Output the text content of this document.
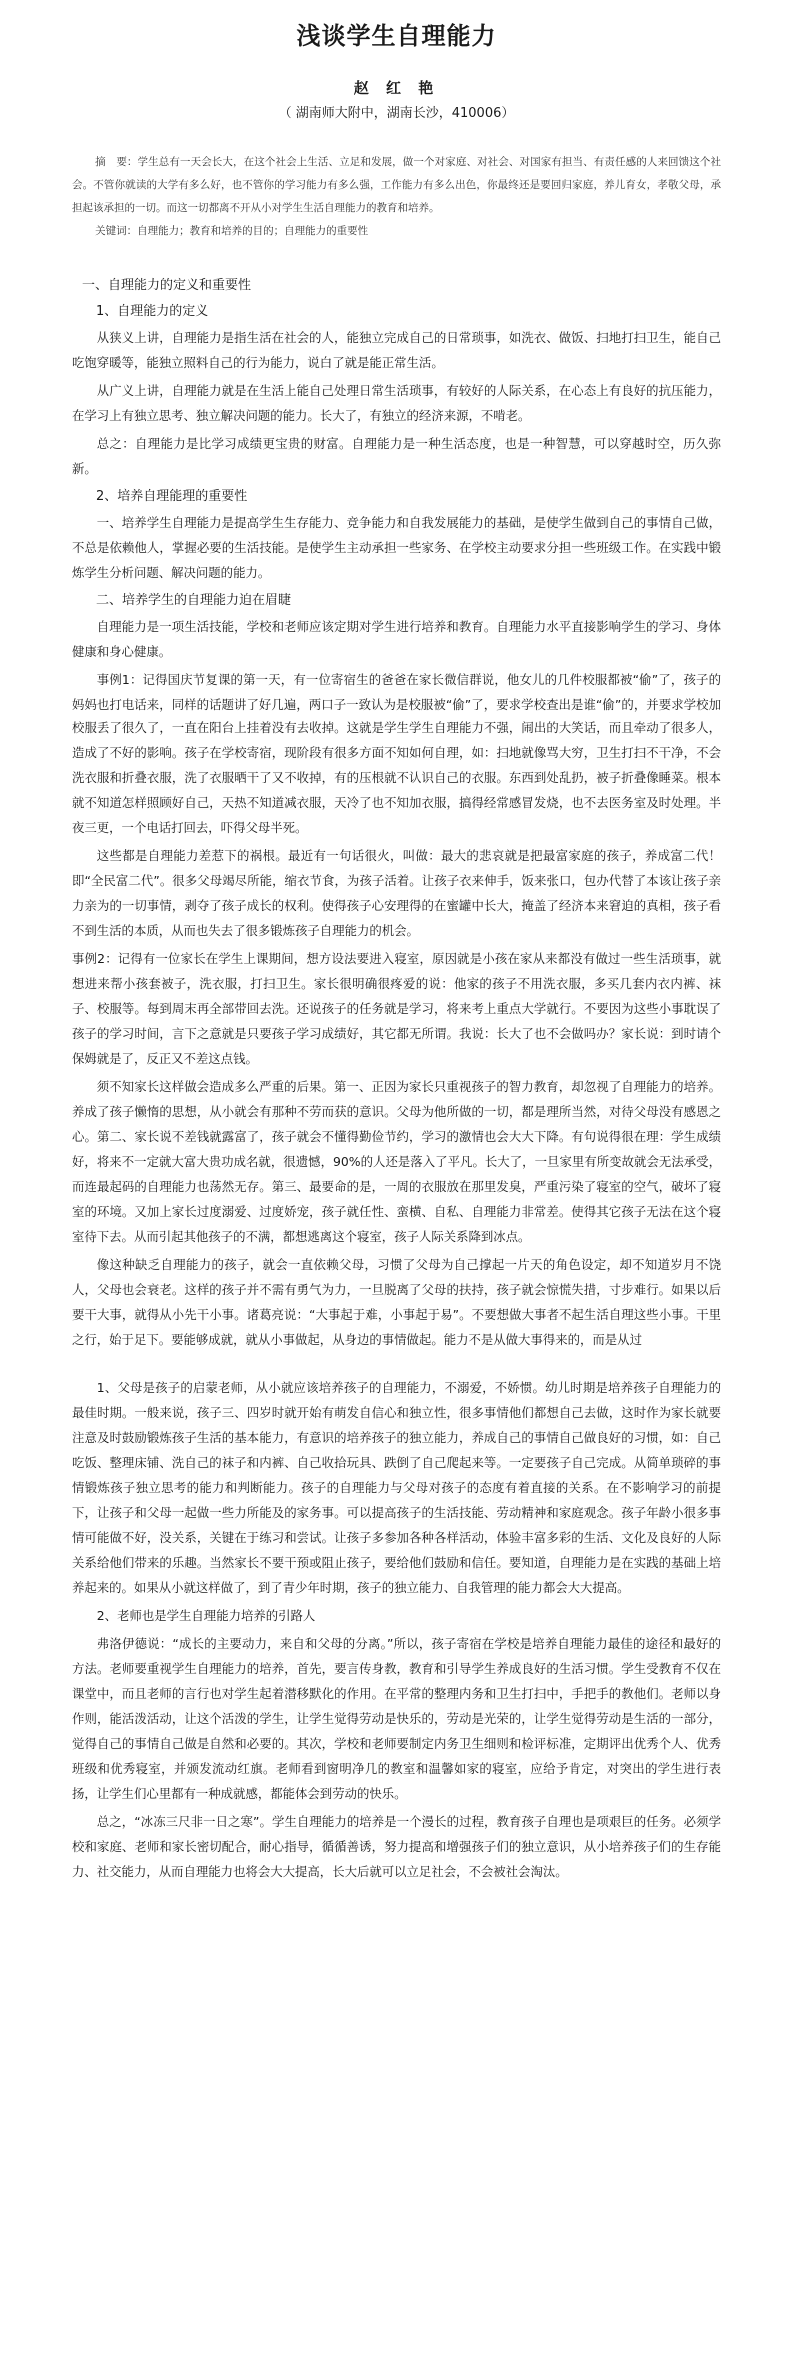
浅谈学生自理能力
赵 红 艳
（ 湖南师大附中，湖南长沙，410006）
摘　要：学生总有一天会长大，在这个社会上生活、立足和发展，做一个对家庭、对社会、对国家有担当、有责任感的人来回馈这个社会。不管你就读的大学有多么好，也不管你的学习能力有多么强，工作能力有多么出色，你最终还是要回归家庭，养儿育女，孝敬父母，承担起该承担的一切。而这一切都离不开从小对学生生活自理能力的教育和培养。
关键词：自理能力；教育和培养的目的；自理能力的重要性
一、自理能力的定义和重要性
1、自理能力的定义
从狭义上讲，自理能力是指生活在社会的人，能独立完成自己的日常琐事，如洗衣、做饭、扫地打扫卫生，能自己吃饱穿暖等，能独立照料自己的行为能力，说白了就是能正常生活。
从广义上讲，自理能力就是在生活上能自己处理日常生活琐事，有较好的人际关系，在心态上有良好的抗压能力，在学习上有独立思考、独立解决问题的能力。长大了，有独立的经济来源，不啃老。
总之：自理能力是比学习成绩更宝贵的财富。自理能力是一种生活态度，也是一种智慧，可以穿越时空，历久弥新。
2、培养自理能理的重要性
一、培养学生自理能力是提高学生生存能力、竞争能力和自我发展能力的基础，是使学生做到自己的事情自己做，不总是依赖他人，掌握必要的生活技能。是使学生主动承担一些家务、在学校主动要求分担一些班级工作。在实践中锻炼学生分析问题、解决问题的能力。
二、培养学生的自理能力迫在眉睫
自理能力是一项生活技能，学校和老师应该定期对学生进行培养和教育。自理能力水平直接影响学生的学习、身体健康和身心健康。
事例1：记得国庆节复课的第一天，有一位寄宿生的爸爸在家长微信群说，他女儿的几件校服都被“偷”了，孩子的妈妈也打电话来，同样的话题讲了好几遍，两口子一致认为是校服被“偷”了，要求学校查出是谁“偷”的，并要求学校加
校服丢了很久了，一直在阳台上挂着没有去收掉。这就是学生学生自理能力不强，闹出的大笑话，而且牵动了很多人，造成了不好的影响。孩子在学校寄宿，现阶段有很多方面不知如何自理，如：扫地就像骂大穷，卫生打扫不干净，不会洗衣服和折叠衣服，洗了衣服晒干了又不收掉，有的压根就不认识自己的衣服。东西到处乱扔，被子折叠像睡菜。根本就不知道怎样照顾好自己，天热不知道减衣服，天冷了也不知加衣服，搞得经常感冒发烧，也不去医务室及时处理。半夜三更，一个电话打回去，吓得父母半死。
这些都是自理能力差惹下的祸根。最近有一句话很火，叫做：最大的悲哀就是把最富家庭的孩子，养成富二代！即“全民富二代”。很多父母竭尽所能，缩衣节食，为孩子活着。让孩子衣来伸手，饭来张口，包办代替了本该让孩子亲力亲为的一切事情，剥夺了孩子成长的权利。使得孩子心安理得的在蜜罐中长大，掩盖了经济本来窘迫的真相，孩子看不到生活的本质，从而也失去了很多锻炼孩子自理能力的机会。
事例2：记得有一位家长在学生上课期间，想方设法要进入寝室，原因就是小孩在家从来都没有做过一些生活琐事，就想进来帮小孩套被子，洗衣服，打扫卫生。家长很明确很疼爱的说：他家的孩子不用洗衣服，多买几套内衣内裤、袜子、校服等。每到周末再全部带回去洗。还说孩子的任务就是学习，将来考上重点大学就行。不要因为这些小事耽误了孩子的学习时间，言下之意就是只要孩子学习成绩好，其它都无所谓。我说：长大了也不会做吗办？家长说：到时请个保姆就是了，反正又不差这点钱。
须不知家长这样做会造成多么严重的后果。第一、正因为家长只重视孩子的智力教育，却忽视了自理能力的培养。养成了孩子懒惰的思想，从小就会有那种不劳而获的意识。父母为他所做的一切，都是理所当然，对待父母没有感恩之心。第二、家长说不差钱就露富了，孩子就会不懂得勤俭节约，学习的激情也会大大下降。有句说得很在理：学生成绩好，将来不一定就大富大贵功成名就，很遗憾，90%的人还是落入了平凡。长大了，一旦家里有所变故就会无法承受，而连最起码的自理能力也荡然无存。第三、最要命的是，一周的衣服放在那里发臭，严重污染了寝室的空气，破坏了寝室的环境。又加上家长过度溺爱、过度娇宠，孩子就任性、蛮横、自私、自理能力非常差。使得其它孩子无法在这个寝室待下去。从而引起其他孩子的不满，都想逃离这个寝室，孩子人际关系降到冰点。
像这种缺乏自理能力的孩子，就会一直依赖父母，习惯了父母为自己撑起一片天的角色设定，却不知道岁月不饶人，父母也会衰老。这样的孩子并不需有勇气为力，一旦脱离了父母的扶持，孩子就会惊慌失措，寸步难行。如果以后要干大事，就得从小先干小事。诸葛亮说：“大事起于难，小事起于易”。不要想做大事者不起生活自理这些小事。干里之行，始于足下。要能够成就，就从小事做起，从身边的事情做起。能力不是从做大事得来的，而是从过
1、父母是孩子的启蒙老师，从小就应该培养孩子的自理能力，不溺爱，不娇惯。幼儿时期是培养孩子自理能力的最佳时期。一般来说，孩子三、四岁时就开始有萌发自信心和独立性，很多事情他们都想自己去做，这时作为家长就要注意及时鼓励锻炼孩子生活的基本能力，有意识的培养孩子的独立能力，养成自己的事情自己做良好的习惯，如：自己吃饭、整理床铺、洗自己的袜子和内裤、自己收拾玩具、跌倒了自己爬起来等。一定要孩子自己完成。从简单琐碎的事情锻炼孩子独立思考的能力和判断能力。孩子的自理能力与父母对孩子的态度有着直接的关系。在不影响学习的前提下，让孩子和父母一起做一些力所能及的家务事。可以提高孩子的生活技能、劳动精神和家庭观念。孩子年龄小很多事情可能做不好，没关系，关键在于练习和尝试。让孩子多参加各种各样活动，体验丰富多彩的生活、文化及良好的人际关系给他们带来的乐趣。当然家长不要干预或阻止孩子，要给他们鼓励和信任。要知道，自理能力是在实践的基础上培养起来的。如果从小就这样做了，到了青少年时期，孩子的独立能力、自我管理的能力都会大大提高。
2、老师也是学生自理能力培养的引路人
弗洛伊德说：“成长的主要动力，来自和父母的分离。”所以，孩子寄宿在学校是培养自理能力最佳的途径和最好的方法。老师要重视学生自理能力的培养，首先，要言传身教，教育和引导学生养成良好的生活习惯。学生受教育不仅在课堂中，而且老师的言行也对学生起着潜移默化的作用。在平常的整理内务和卫生打扫中，手把手的教他们。老师以身作则，能活泼活动，让这个活泼的学生，让学生觉得劳动是快乐的，劳动是光荣的，让学生觉得劳动是生活的一部分，觉得自己的事情自己做是自然和必要的。其次，学校和老师要制定内务卫生细则和检评标准，定期评出优秀个人、优秀班级和优秀寝室，并颁发流动红旗。老师看到窗明净几的教室和温馨如家的寝室，应给予肯定，对突出的学生进行表扬，让学生们心里都有一种成就感，都能体会到劳动的快乐。
总之，“冰冻三尺非一日之寒”。学生自理能力的培养是一个漫长的过程，教育孩子自理也是项艰巨的任务。必须学校和家庭、老师和家长密切配合，耐心指导，循循善诱，努力提高和增强孩子们的独立意识，从小培养孩子们的生存能力、社交能力，从而自理能力也将会大大提高，长大后就可以立足社会，不会被社会淘汰。
